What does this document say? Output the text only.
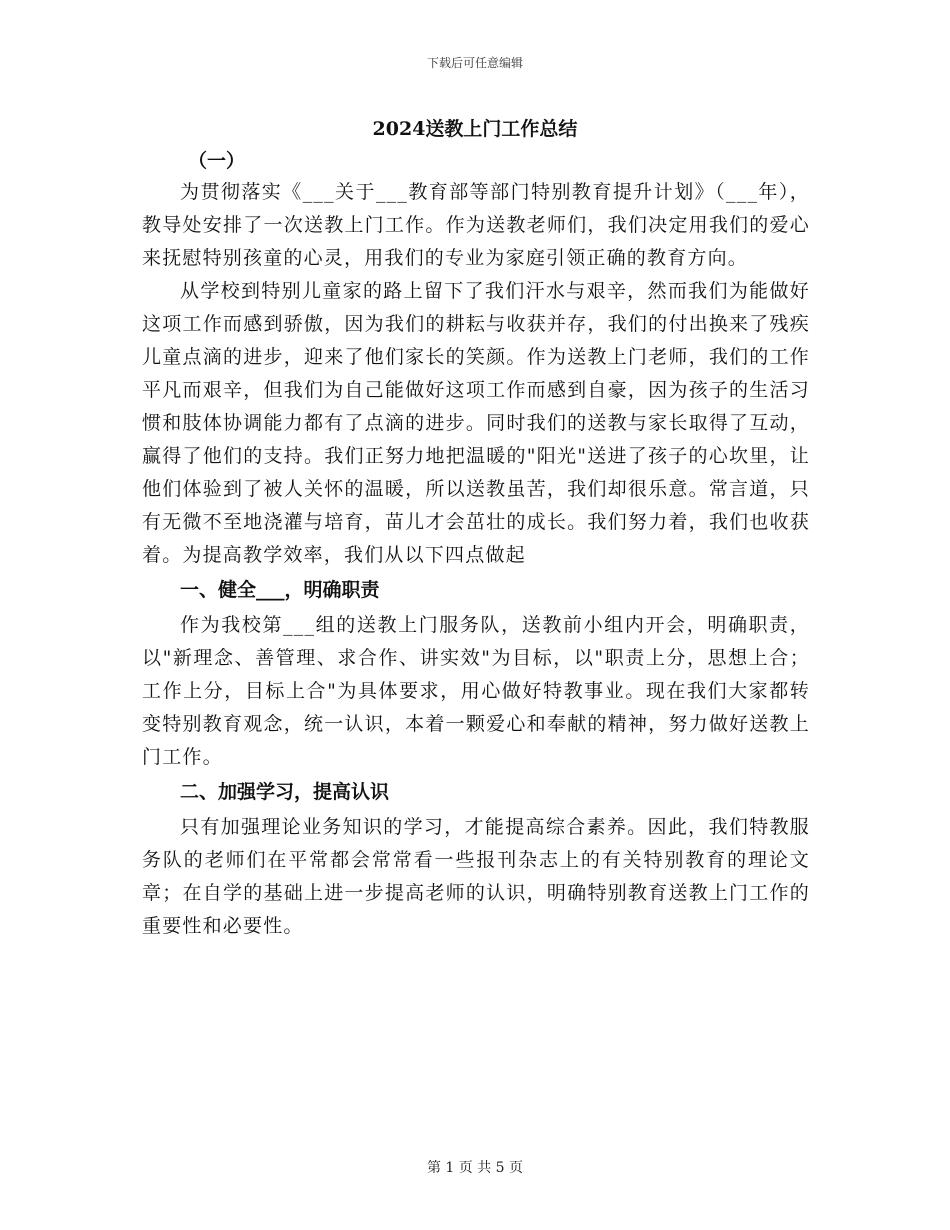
下载后可任意编辑
2024送教上门工作总结
（一）

为贯彻落实《___关于___教育部等部门特别教育提升计划》（___年），教导处安排了一次送教上门工作。作为送教老师们，我们决定用我们的爱心来抚慰特别孩童的心灵，用我们的专业为家庭引领正确的教育方向。

从学校到特别儿童家的路上留下了我们汗水与艰辛，然而我们为能做好这项工作而感到骄傲，因为我们的耕耘与收获并存，我们的付出换来了残疾儿童点滴的进步，迎来了他们家长的笑颜。作为送教上门老师，我们的工作平凡而艰辛，但我们为自己能做好这项工作而感到自豪，因为孩子的生活习惯和肢体协调能力都有了点滴的进步。同时我们的送教与家长取得了互动，赢得了他们的支持。我们正努力地把温暖的"阳光"送进了孩子的心坎里，让他们体验到了被人关怀的温暖，所以送教虽苦，我们却很乐意。常言道，只有无微不至地浇灌与培育，苗儿才会茁壮的成长。我们努力着，我们也收获着。为提高教学效率，我们从以下四点做起

一、健全___，明确职责

作为我校第___组的送教上门服务队，送教前小组内开会，明确职责，以"新理念、善管理、求合作、讲实效"为目标，以"职责上分，思想上合；工作上分，目标上合"为具体要求，用心做好特教事业。现在我们大家都转变特别教育观念，统一认识，本着一颗爱心和奉献的精神，努力做好送教上门工作。

二、加强学习，提高认识

只有加强理论业务知识的学习，才能提高综合素养。因此，我们特教服务队的老师们在平常都会常常看一些报刊杂志上的有关特别教育的理论文章；在自学的基础上进一步提高老师的认识，明确特别教育送教上门工作的重要性和必要性。

第 1 页 共 5 页
